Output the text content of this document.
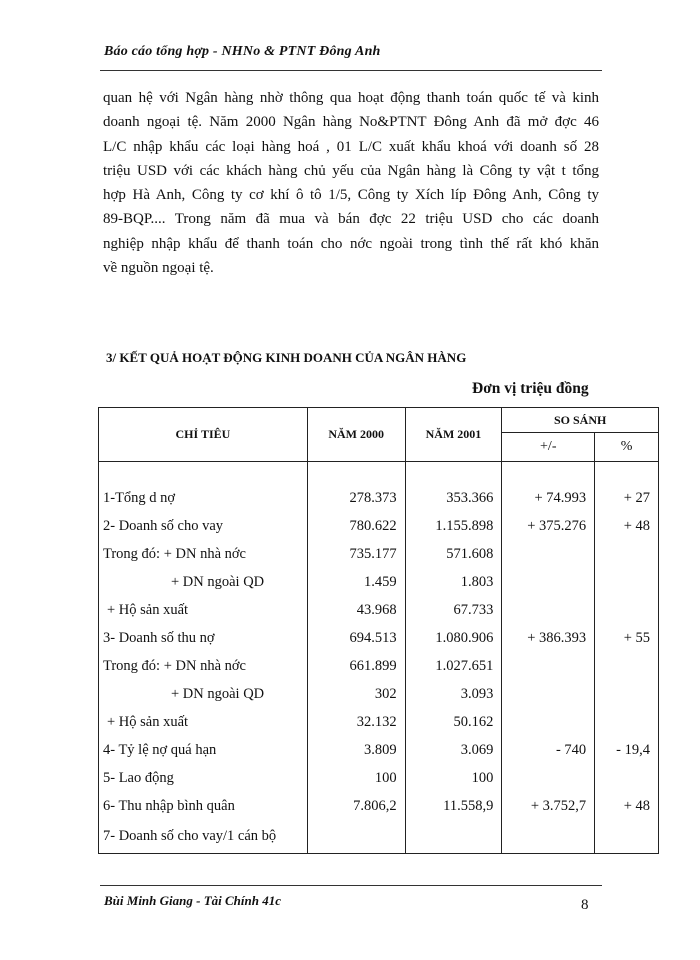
Báo cáo tổng hợp - NHNo & PTNT Đông Anh
quan hệ với Ngân hàng nhờ thông qua hoạt động thanh toán quốc tế và kinh
doanh ngoại tệ. Năm 2000 Ngân hàng No&PTNT Đông Anh đã mở đợc 46
L/C nhập khẩu các loại hàng hoá , 01 L/C xuất khẩu khoá với doanh số 28
triệu USD với các khách hàng chủ yếu của Ngân hàng là Công ty vật t tổng
hợp Hà Anh, Công ty cơ khí ô tô 1/5, Công ty Xích líp Đông Anh, Công ty
89-BQP.... Trong năm đã mua và bán đợc 22 triệu USD cho các doanh
nghiệp nhập khẩu để thanh toán cho nớc ngoài trong tình thế rất khó khăn
về nguồn ngoại tệ.
3/ KẾT QUẢ HOẠT ĐỘNG KINH DOANH CỦA NGÂN HÀNG
Đơn vị triệu đồng
CHỈ TIÊU	NĂM 2000	NĂM 2001	SO SÁNH	
			+/-	%

1-Tổng d nợ	278.373	353.366	+ 74.993	+ 27
2- Doanh số cho vay	780.622	1.155.898	+ 375.276	+ 48
Trong đó: + DN nhà nớc	735.177	571.608		
+ DN ngoài QD	1.459	1.803		
+ Hộ sản xuất	43.968	67.733		
3- Doanh số thu nợ	694.513	1.080.906	+ 386.393	+ 55
Trong đó: + DN nhà nớc	661.899	1.027.651		
+ DN ngoài QD	302	3.093		
+ Hộ sản xuất	32.132	50.162		
4- Tỷ lệ nợ quá hạn	3.809	3.069	- 740	- 19,4
5- Lao động	100	100		
6- Thu nhập bình quân	7.806,2	11.558,9	+ 3.752,7	+ 48
7- Doanh số cho vay/1 cán bộ				
Bùi Minh Giang - Tài Chính 41c	8
